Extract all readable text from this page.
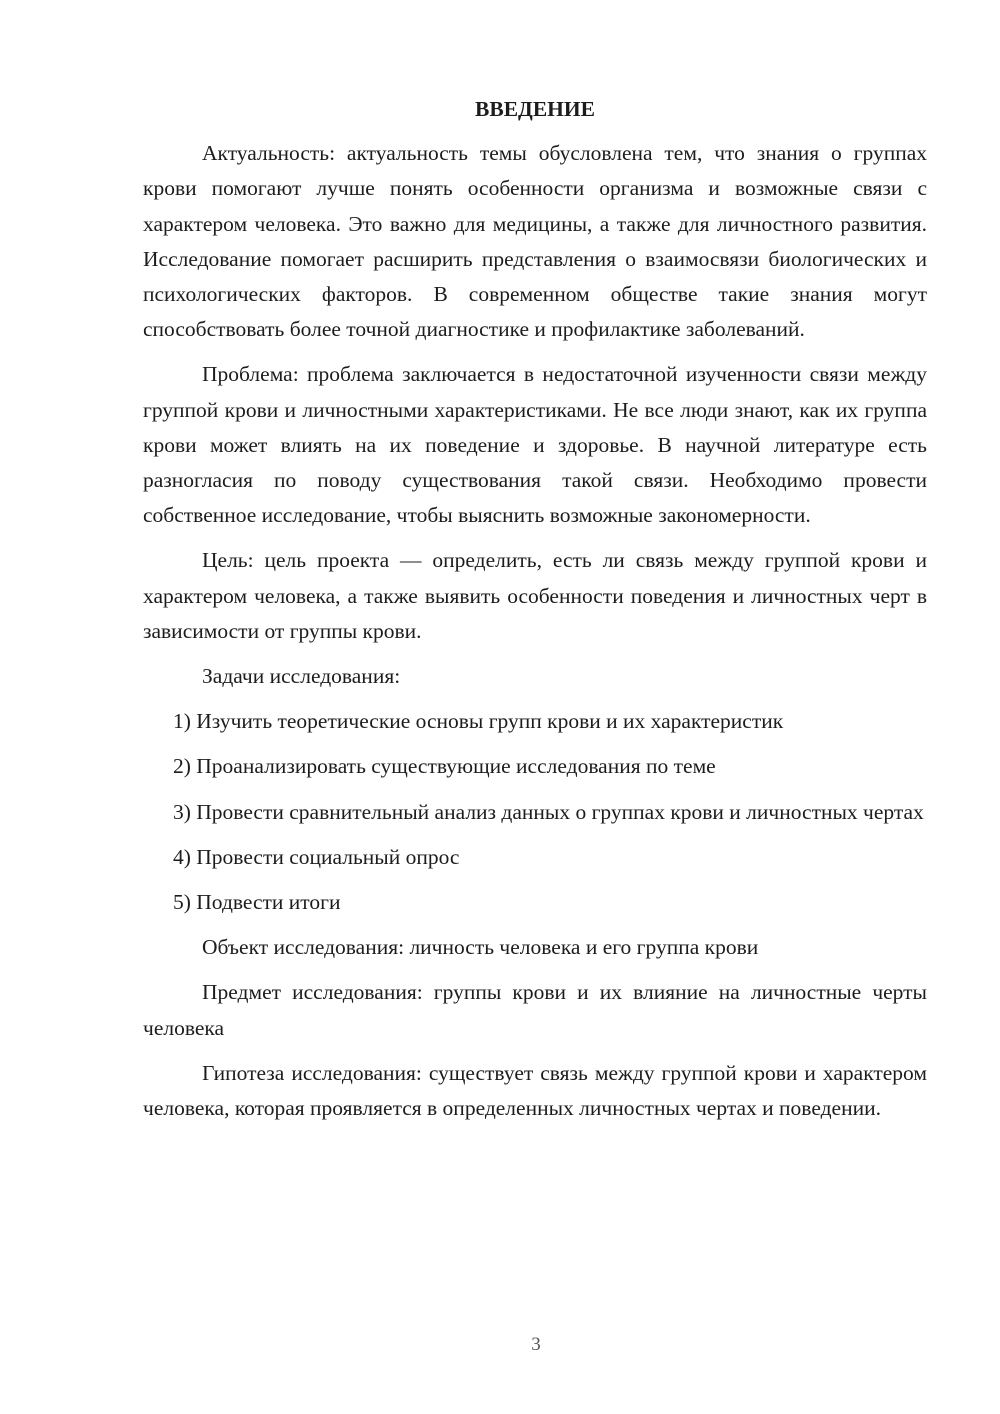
ВВЕДЕНИЕ

Актуальность: актуальность темы обусловлена тем, что знания о группах крови помогают лучше понять особенности организма и возможные связи с характером человека. Это важно для медицины, а также для личностного развития. Исследование помогает расширить представления о взаимосвязи биологических и психологических факторов. В современном обществе такие знания могут способствовать более точной диагностике и профилактике заболеваний.

Проблема: проблема заключается в недостаточной изученности связи между группой крови и личностными характеристиками. Не все люди знают, как их группа крови может влиять на их поведение и здоровье. В научной литературе есть разногласия по поводу существования такой связи. Необходимо провести собственное исследование, чтобы выяснить возможные закономерности.

Цель: цель проекта — определить, есть ли связь между группой крови и характером человека, а также выявить особенности поведения и личностных черт в зависимости от группы крови.

Задачи исследования:

1) Изучить теоретические основы групп крови и их характеристик

2) Проанализировать существующие исследования по теме

3) Провести сравнительный анализ данных о группах крови и личностных чертах

4) Провести социальный опрос

5) Подвести итоги

Объект исследования: личность человека и его группа крови

Предмет исследования: группы крови и их влияние на личностные черты человека

Гипотеза исследования: существует связь между группой крови и характером человека, которая проявляется в определенных личностных чертах и поведении.

3
